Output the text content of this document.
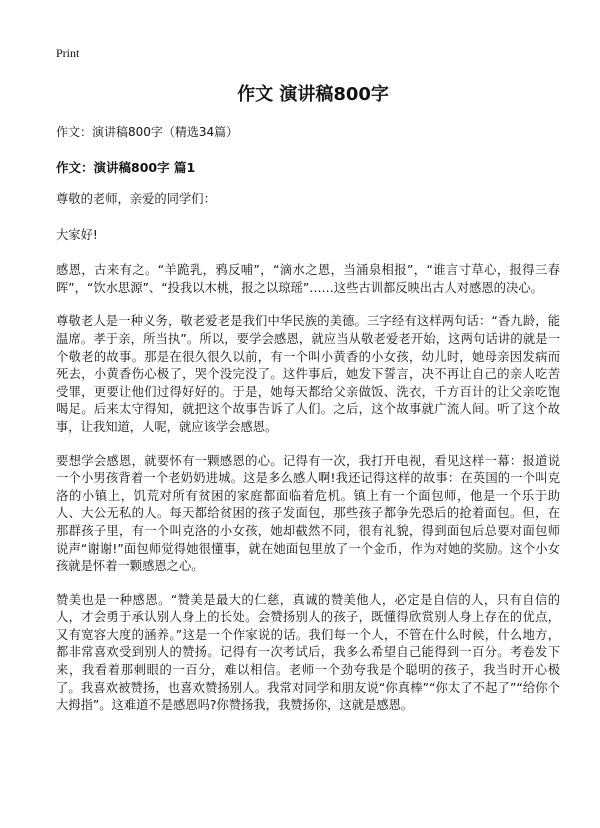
Print
作文 演讲稿800字
作文：演讲稿800字（精选34篇）
作文：演讲稿800字 篇1

尊敬的老师，亲爱的同学们：

大家好!

感恩，古来有之。“羊跪乳，鸦反哺”，“滴水之恩，当涌泉相报”，“谁言寸草心，报得三春晖”，“饮水思源”、“投我以木桃，报之以琼瑶”……这些古训都反映出古人对感恩的决心。

尊敬老人是一种义务，敬老爱老是我们中华民族的美德。三字经有这样两句话：“香九龄，能温席。孝于亲，所当执”。所以，要学会感恩，就应当从敬老爱老开始，这两句话讲的就是一个敬老的故事。那是在很久很久以前，有一个叫小黄香的小女孩，幼儿时，她母亲因发病而死去，小黄香伤心极了，哭个没完没了。这件事后，她发下誓言，决不再让自己的亲人吃苦受罪，更要让他们过得好好的。于是，她每天都给父亲做饭、洗衣，千方百计的让父亲吃饱喝足。后来太守得知，就把这个故事告诉了人们。之后，这个故事就广流人间。听了这个故事，让我知道，人呢，就应该学会感恩。

要想学会感恩，就要怀有一颗感恩的心。记得有一次，我打开电视，看见这样一幕：报道说一个小男孩背着一个老奶奶进城。这是多么感人啊!我还记得这样的故事：在英国的一个叫克洛的小镇上，饥荒对所有贫困的家庭都面临着危机。镇上有一个面包师，他是一个乐于助人、大公无私的人。每天都给贫困的孩子发面包，那些孩子都争先恐后的抢着面包。但，在那群孩子里，有一个叫克洛的小女孩，她却截然不同，很有礼貌，得到面包后总要对面包师说声“谢谢!”面包师觉得她很懂事，就在她面包里放了一个金币，作为对她的奖励。这个小女孩就是怀着一颗感恩之心。

赞美也是一种感恩。“赞美是最大的仁慈，真诚的赞美他人，必定是自信的人，只有自信的人，才会勇于承认别人身上的长处。会赞扬别人的孩子，既懂得欣赏别人身上存在的优点，又有宽容大度的涵养。”这是一个作家说的话。我们每一个人，不管在什么时候，什么地方，都非常喜欢受到别人的赞扬。记得有一次考试后，我多么希望自己能得到一百分。考卷发下来，我看着那刺眼的一百分，难以相信。老师一个劲夸我是个聪明的孩子，我当时开心极了。我喜欢被赞扬，也喜欢赞扬别人。我常对同学和朋友说“你真棒”“你太了不起了”“给你个大拇指”。这难道不是感恩吗?你赞扬我，我赞扬你，这就是感恩。
